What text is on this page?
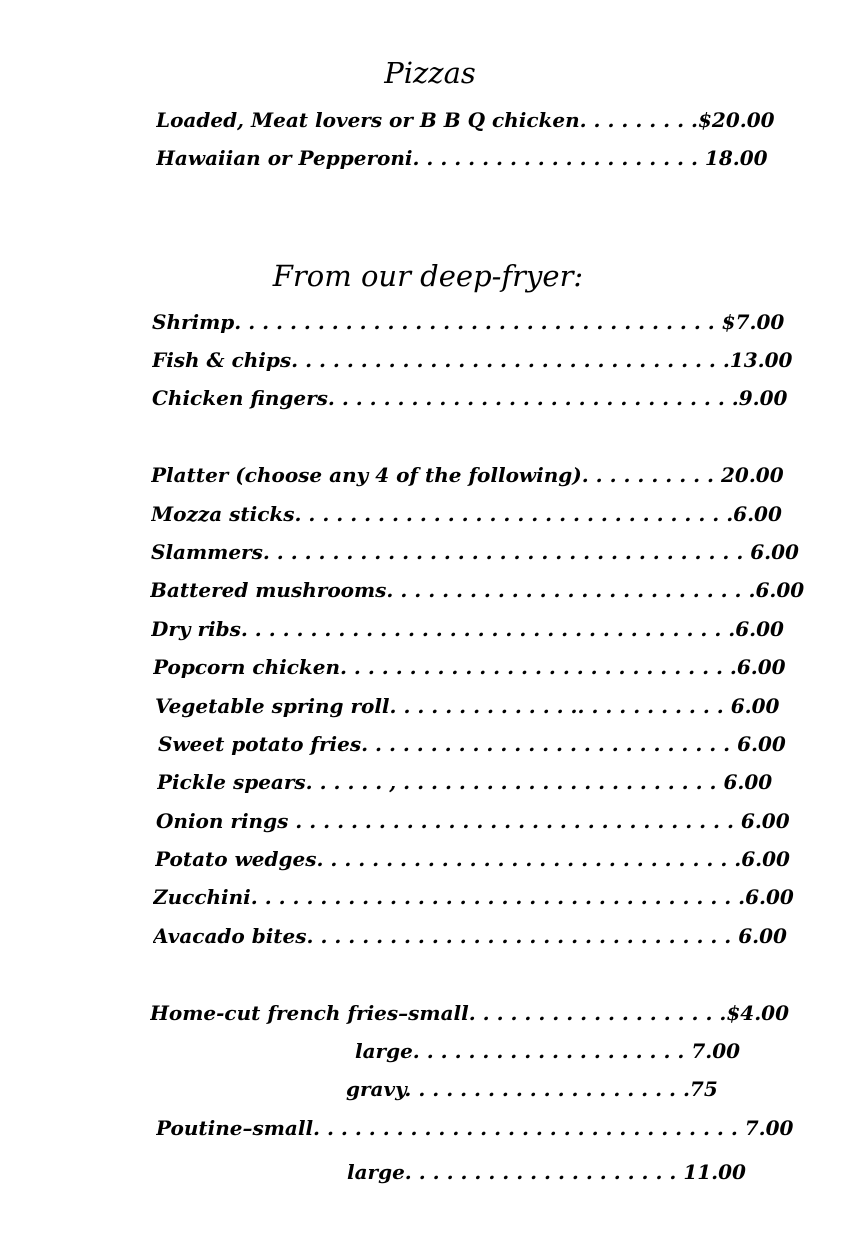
Pizzas
Loaded, Meat lovers or B B Q chicken. . . . . . . . .$20.00
Hawaiian or Pepperoni. . . . . . . . . . . . . . . . . . . . . 18.00
From our deep-fryer:
Shrimp. . . . . . . . . . . . . . . . . . . . . . . . . . . . . . . . . . . $7.00
Fish & chips. . . . . . . . . . . . . . . . . . . . . . . . . . . . . . . .13.00
Chicken fingers. . . . . . . . . . . . . . . . . . . . . . . . . . . . . .9.00
Platter (choose any 4 of the following). . . . . . . . . . 20.00
Mozza sticks. . . . . . . . . . . . . . . . . . . . . . . . . . . . . . . .6.00
Slammers. . . . . . . . . . . . . . . . . . . . . . . . . . . . . . . . . . . 6.00
Battered mushrooms. . . . . . . . . . . . . . . . . . . . . . . . . . .6.00
Dry ribs. . . . . . . . . . . . . . . . . . . . . . . . . . . . . . . . . . . .6.00
Popcorn chicken. . . . . . . . . . . . . . . . . . . . . . . . . . . . .6.00
Vegetable spring roll. . . . . . . . . . . . . .. . . . . . . . . . . 6.00
Sweet potato fries. . . . . . . . . . . . . . . . . . . . . . . . . . . 6.00
Pickle spears. . . . . . , . . . . . . . . . . . . . . . . . . . . . . . 6.00
Onion rings . . . . . . . . . . . . . . . . . . . . . . . . . . . . . . . . 6.00
Potato wedges. . . . . . . . . . . . . . . . . . . . . . . . . . . . . . .6.00
Zucchini. . . . . . . . . . . . . . . . . . . . . . . . . . . . . . . . . . . .6.00
Avacado bites. . . . . . . . . . . . . . . . . . . . . . . . . . . . . . . 6.00
Home-cut french fries–small. . . . . . . . . . . . . . . . . . .$4.00
large. . . . . . . . . . . . . . . . . . . . 7.00
gravy. . . . . . . . . . . . . . . . . . . . .75
Poutine–small. . . . . . . . . . . . . . . . . . . . . . . . . . . . . . . 7.00
large. . . . . . . . . . . . . . . . . . . . 11.00
